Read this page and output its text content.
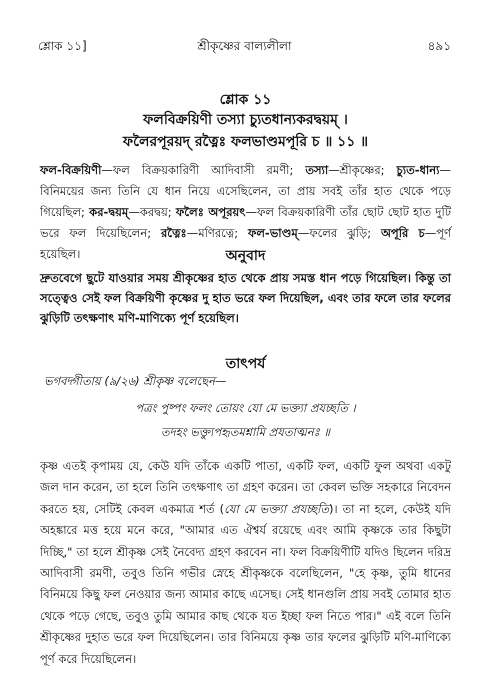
শ্লোক ১১]	শ্রীকৃষ্ণের বাল্যলীলা	৪৯১
শ্লোক ১১
ফলবিক্রয়িণী তস্যা চ্যুতধান্যকরদ্বয়ম্ ।
ফলৈরপূরয়দ্ রত্নৈঃ ফলভাণ্ডমপূরি চ ॥ ১১ ॥
ফল-বিক্রয়িণী—ফল বিক্রয়কারিণী আদিবাসী রমণী; তস্যা—শ্রীকৃষ্ণের; চ্যুত-ধান্য—বিনিময়ের জন্য তিনি যে ধান নিয়ে এসেছিলেন, তা প্রায় সবই তাঁর হাত থেকে পড়ে গিয়েছিল; কর-দ্বয়ম্—করদ্বয়; ফলৈঃ অপূরয়ৎ—ফল বিক্রয়কারিণী তাঁর ছোট ছোট হাত দুটি ভরে ফল দিয়েছিলেন; রত্নৈঃ—মণিরত্নে; ফল-ভাণ্ডম্—ফলের ঝুড়ি; অপূরি চ—পূর্ণ হয়েছিল।	অনুবাদ
দ্রুতবেগে ছুটে যাওয়ার সময় শ্রীকৃষ্ণের হাত থেকে প্রায় সমস্ত ধান পড়ে গিয়েছিল। কিন্তু তা সত্ত্বেও সেই ফল বিক্রয়িণী কৃষ্ণের দু হাত ভরে ফল দিয়েছিল, এবং তার ফলে তার ফলের ঝুড়িটি তৎক্ষণাৎ মণি-মাণিক্যে পূর্ণ হয়েছিল।
তাৎপর্য
ভগবদ্গীতায় (৯/২৬) শ্রীকৃষ্ণ বলেছেন—
পত্রং পুষ্পং ফলং তোয়ং যো মে ভক্ত্যা প্রযচ্ছতি ।
তদহং ভক্ত্যুপহৃতমশ্নামি প্রযতাত্মনঃ ॥
কৃষ্ণ এতই কৃপাময় যে, কেউ যদি তাঁকে একটি পাতা, একটি ফল, একটি ফুল অথবা একটু জল দান করেন, তা হলে তিনি তৎক্ষণাৎ তা গ্রহণ করেন। তা কেবল ভক্তি সহকারে নিবেদন করতে হয়, সেটিই কেবল একমাত্র শর্ত (যো মে ভক্ত্যা প্রযচ্ছতি)। তা না হলে, কেউই যদি অহঙ্কারে মত্ত হয়ে মনে করে, "আমার এত ঐশ্বর্য রয়েছে এবং আমি কৃষ্ণকে তার কিছুটা দিচ্ছি," তা হলে শ্রীকৃষ্ণ সেই নৈবেদ্য গ্রহণ করবেন না। ফল বিক্রয়িণীটি যদিও ছিলেন দরিদ্র আদিবাসী রমণী, তবুও তিনি গভীর স্নেহে শ্রীকৃষ্ণকে বলেছিলেন, "হে কৃষ্ণ, তুমি ধানের বিনিময়ে কিছু ফল নেওয়ার জন্য আমার কাছে এসেছ। সেই ধানগুলি প্রায় সবই তোমার হাত থেকে পড়ে গেছে, তবুও তুমি আমার কাছ থেকে যত ইচ্ছা ফল নিতে পার।" এই বলে তিনি শ্রীকৃষ্ণের দুহাত ভরে ফল দিয়েছিলেন। তার বিনিময়ে কৃষ্ণ তার ফলের ঝুড়িটি মণি-মাণিক্যে পূর্ণ করে দিয়েছিলেন।
